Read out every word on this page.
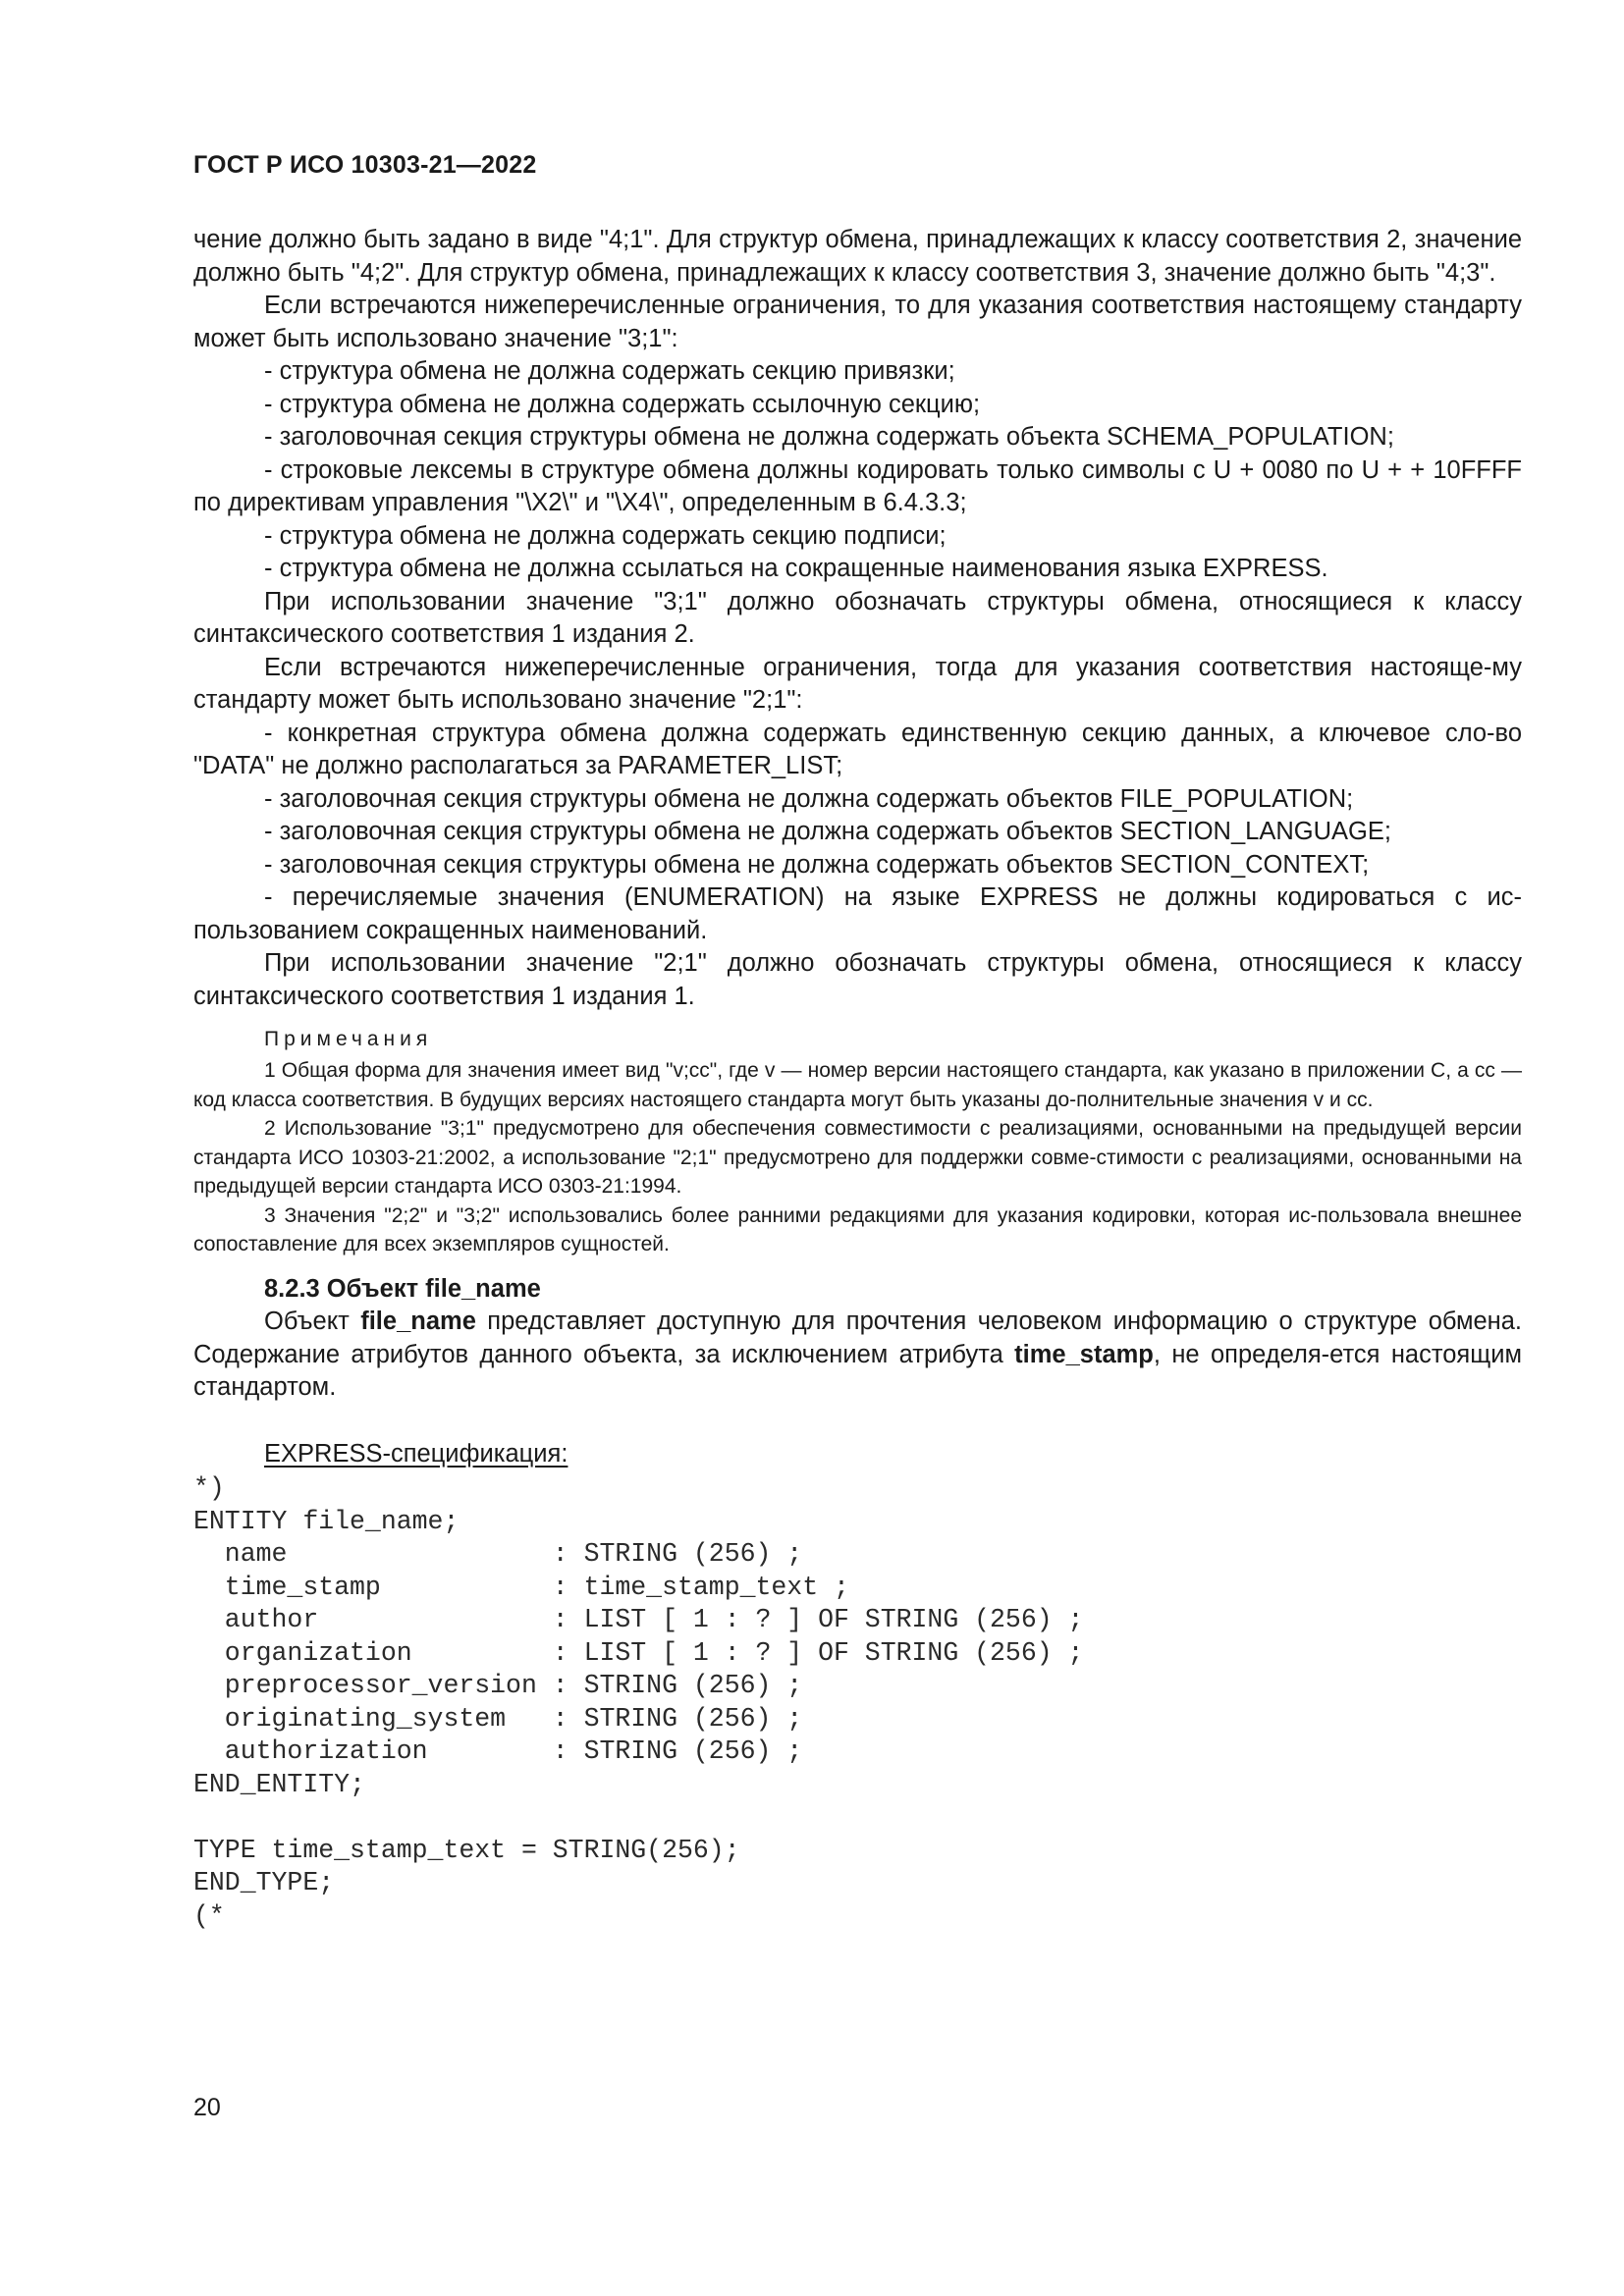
ГОСТ Р ИСО 10303-21—2022

чение должно быть задано в виде "4;1". Для структур обмена, принадлежащих к классу соответствия 2, значение должно быть "4;2". Для структур обмена, принадлежащих к классу соответствия 3, значение должно быть "4;3".

Если встречаются нижеперечисленные ограничения, то для указания соответствия настоящему стандарту может быть использовано значение "3;1":

- структура обмена не должна содержать секцию привязки;

- структура обмена не должна содержать ссылочную секцию;

- заголовочная секция структуры обмена не должна содержать объекта SCHEMA_POPULATION;

- строковые лексемы в структуре обмена должны кодировать только символы с U + 0080 по U + + 10FFFF по директивам управления "\X2\" и "\X4\", определенным в 6.4.3.3;

- структура обмена не должна содержать секцию подписи;

- структура обмена не должна ссылаться на сокращенные наименования языка EXPRESS.

При использовании значение "3;1" должно обозначать структуры обмена, относящиеся к классу синтаксического соответствия 1 издания 2.

Если встречаются нижеперечисленные ограничения, тогда для указания соответствия настояще-му стандарту может быть использовано значение "2;1":

- конкретная структура обмена должна содержать единственную секцию данных, а ключевое сло-во "DATA" не должно располагаться за PARAMETER_LIST;

- заголовочная секция структуры обмена не должна содержать объектов FILE_POPULATION;

- заголовочная секция структуры обмена не должна содержать объектов SECTION_LANGUAGE;

- заголовочная секция структуры обмена не должна содержать объектов SECTION_CONTEXT;

- перечисляемые значения (ENUMERATION) на языке EXPRESS не должны кодироваться с ис-пользованием сокращенных наименований.

При использовании значение "2;1" должно обозначать структуры обмена, относящиеся к классу синтаксического соответствия 1 издания 1.

Примечания

1 Общая форма для значения имеет вид "v;cc", где v — номер версии настоящего стандарта, как указано в приложении С, а сс — код класса соответствия. В будущих версиях настоящего стандарта могут быть указаны до-полнительные значения v и сс.

2 Использование "3;1" предусмотрено для обеспечения совместимости с реализациями, основанными на предыдущей версии стандарта ИСО 10303-21:2002, а использование "2;1" предусмотрено для поддержки совме-стимости с реализациями, основанными на предыдущей версии стандарта ИСО 0303-21:1994.

3 Значения "2;2" и "3;2" использовались более ранними редакциями для указания кодировки, которая ис-пользовала внешнее сопоставление для всех экземпляров сущностей.

8.2.3 Объект file_name

Объект file_name представляет доступную для прочтения человеком информацию о структуре обмена. Содержание атрибутов данного объекта, за исключением атрибута time_stamp, не определя-ется настоящим стандартом.

EXPRESS-спецификация:

*)
ENTITY file_name;
name                 : STRING (256) ;
time_stamp           : time_stamp_text ;
author               : LIST [ 1 : ? ] OF STRING (256) ;
organization         : LIST [ 1 : ? ] OF STRING (256) ;
preprocessor_version : STRING (256) ;
originating_system   : STRING (256) ;
authorization        : STRING (256) ;
END_ENTITY;

TYPE time_stamp_text = STRING(256);
END_TYPE;
(*
20
